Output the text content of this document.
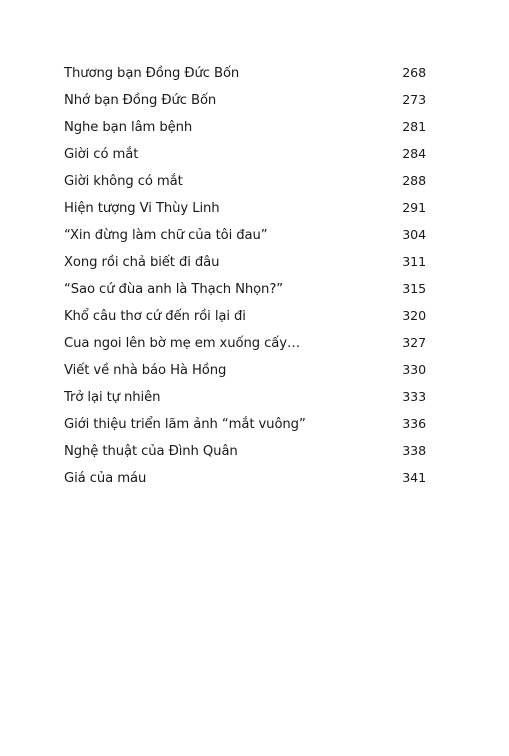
Thương bạn Đồng Đức Bốn	268
Nhớ bạn Đồng Đức Bốn	273
Nghe bạn lâm bệnh	281
Giời có mắt	284
Giời không có mắt	288
Hiện tượng Vi Thùy Linh	291
“Xin đừng làm chữ của tôi đau”	304
Xong rồi chả biết đi đâu	311
“Sao cứ đùa anh là Thạch Nhọn?”	315
Khổ câu thơ cứ đến rồi lại đi	320
Cua ngoi lên bờ mẹ em xuống cấy…	327
Viết về nhà báo Hà Hồng	330
Trở lại tự nhiên	333
Giới thiệu triển lãm ảnh “mắt vuông”	336
Nghệ thuật của Đình Quân	338
Giá của máu	341
